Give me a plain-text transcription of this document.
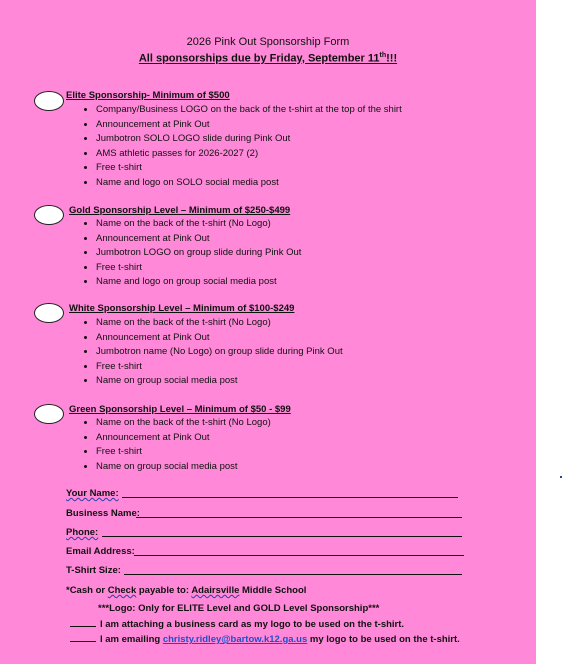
2026 Pink Out Sponsorship Form
All sponsorships due by Friday, September 11th!!!
Elite Sponsorship- Minimum of $500
• Company/Business LOGO on the back of the t-shirt at the top of the shirt
• Announcement at Pink Out
• Jumbotron SOLO LOGO slide during Pink Out
• AMS athletic passes for 2026-2027 (2)
• Free t-shirt
• Name and logo on SOLO social media post
Gold Sponsorship Level – Minimum of $250-$499
• Name on the back of the t-shirt (No Logo)
• Announcement at Pink Out
• Jumbotron LOGO on group slide during Pink Out
• Free t-shirt
• Name and logo on group social media post
White Sponsorship Level – Minimum of $100-$249
• Name on the back of the t-shirt (No Logo)
• Announcement at Pink Out
• Jumbotron name (No Logo) on group slide during Pink Out
• Free t-shirt
• Name on group social media post
Green Sponsorship Level – Minimum of $50 - $99
• Name on the back of the t-shirt (No Logo)
• Announcement at Pink Out
• Free t-shirt
• Name on group social media post
Your Name:
Business Name:
Phone:
Email Address:
T-Shirt Size:
*Cash or Check payable to: Adairsville Middle School
***Logo: Only for ELITE Level and GOLD Level Sponsorship***
I am attaching a business card as my logo to be used on the t-shirt.
I am emailing christy.ridley@bartow.k12.ga.us my logo to be used on the t-shirt.
